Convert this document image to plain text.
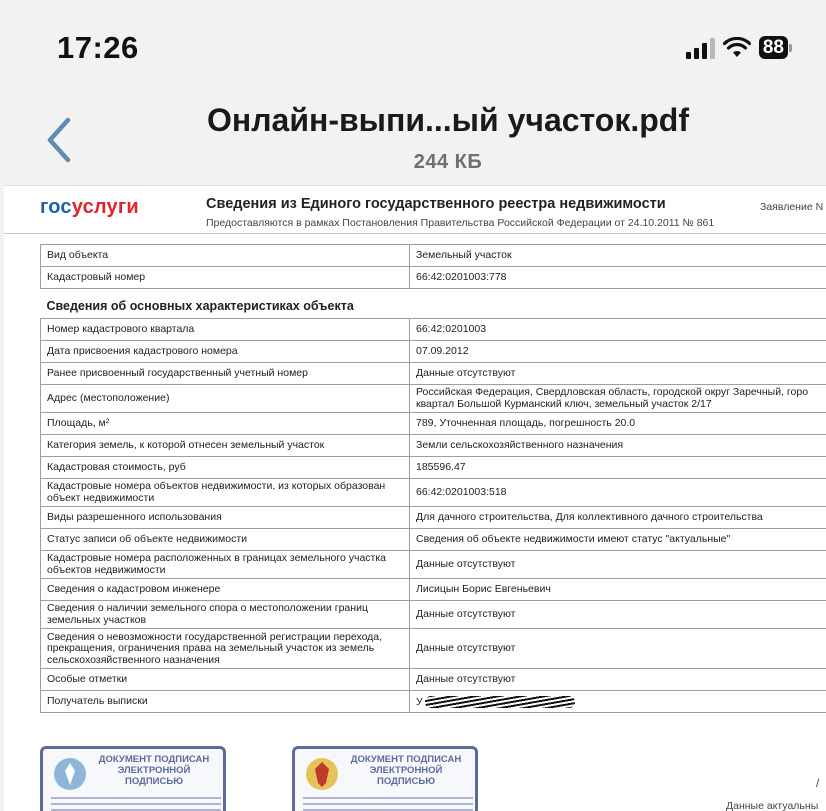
17:26	88
Онлайн-выпи...ый участок.pdf
244 КБ
госуслуги	Сведения из Единого государственного реестра недвижимости
Предоставляются в рамках Постановления Правительства Российской Федерации от 24.10.2011 № 861
Заявление N
Вид объекта	Земельный участок
Кадастровый номер	66:42:0201003:778
Сведения об основных характеристиках объекта	
Номер кадастрового квартала	66:42:0201003
Дата присвоения кадастрового номера	07.09.2012
Ранее присвоенный государственный учетный номер	Данные отсутствуют
Адрес (местоположение)	Российская Федерация, Свердловская область, городской округ Заречный, горо
квартал Большой Курманский ключ, земельный участок 2/17

Площадь, м²	789, Уточненная площадь, погрешность 20.0
Категория земель, к которой отнесен земельный участок	Земли сельскохозяйственного назначения
Кадастровая стоимость, руб	185596.47
Кадастровые номера объектов недвижимости, из которых образован объект недвижимости	66:42:0201003:518
Виды разрешенного использования	Для дачного строительства, Для коллективного дачного строительства
Статус записи об объекте недвижимости	Сведения об объекте недвижимости имеют статус "актуальные"
Кадастровые номера расположенных в границах земельного участка объектов недвижимости	Данные отсутствуют
Сведения о кадастровом инженере	Лисицын Борис Евгеньевич
Сведения о наличии земельного спора о местоположении границ земельных участков	Данные отсутствуют
Сведения о невозможности государственной регистрации перехода, прекращения, ограничения права на земельный участок из земель сельскохозяйственного назначения	Данные отсутствуют
Особые отметки	Данные отсутствуют
Получатель выписки	У
ДОКУМЕНТ ПОДПИСАН
ЭЛЕКТРОННОЙ
ПОДПИСЬЮ
ДОКУМЕНТ ПОДПИСАН
ЭЛЕКТРОННОЙ
ПОДПИСЬЮ	/
Данные актуальны
